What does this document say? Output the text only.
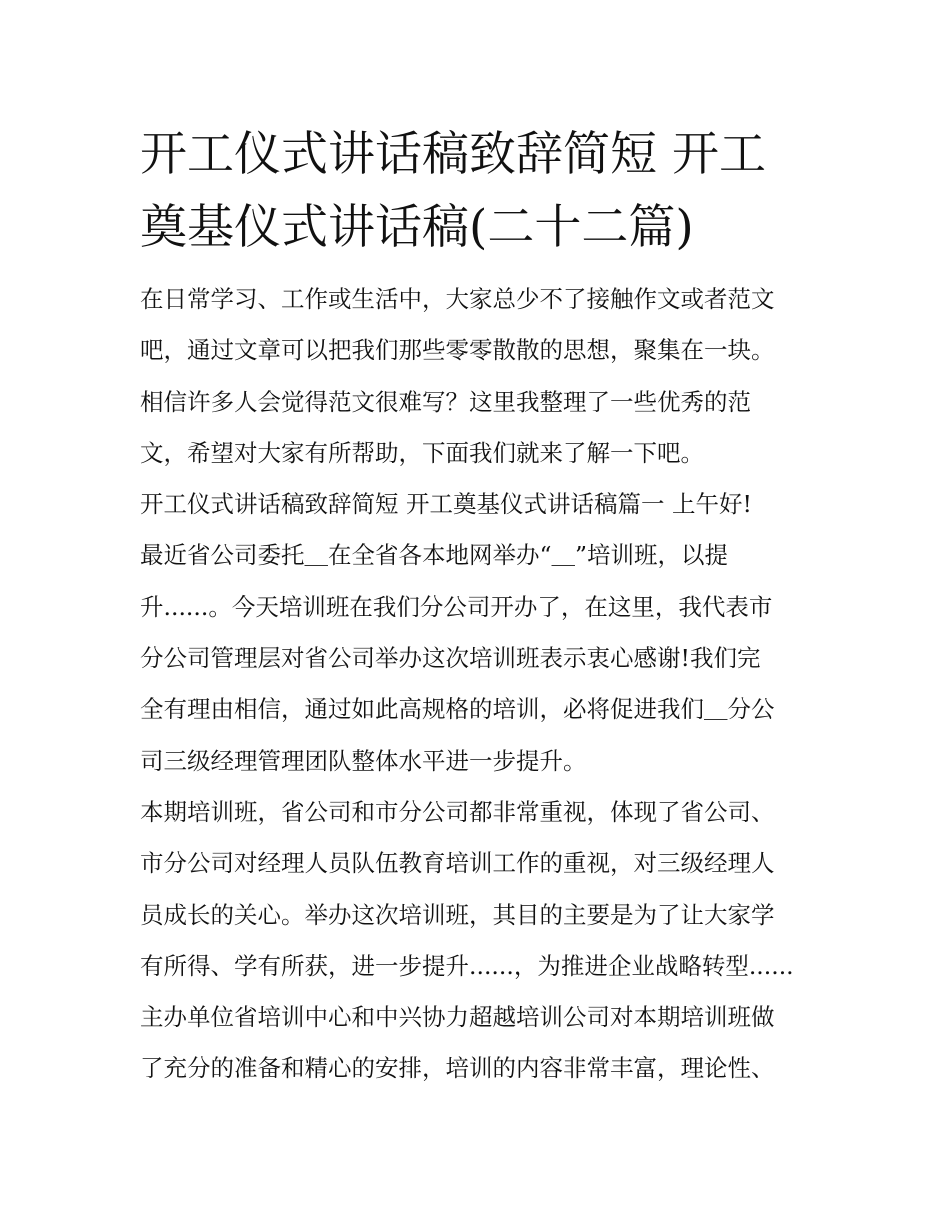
开工仪式讲话稿致辞简短 开工
奠基仪式讲话稿(二十二篇)
在日常学习、工作或生活中，大家总少不了接触作文或者范文
吧，通过文章可以把我们那些零零散散的思想，聚集在一块。
相信许多人会觉得范文很难写？这里我整理了一些优秀的范
文，希望对大家有所帮助，下面我们就来了解一下吧。
开工仪式讲话稿致辞简短 开工奠基仪式讲话稿篇一 上午好!
最近省公司委托＿在全省各本地网举办“＿”培训班，以提
升......。今天培训班在我们分公司开办了，在这里，我代表市
分公司管理层对省公司举办这次培训班表示衷心感谢!我们完
全有理由相信，通过如此高规格的培训，必将促进我们＿分公
司三级经理管理团队整体水平进一步提升。
本期培训班，省公司和市分公司都非常重视，体现了省公司、
市分公司对经理人员队伍教育培训工作的重视，对三级经理人
员成长的关心。举办这次培训班，其目的主要是为了让大家学
有所得、学有所获，进一步提升......，为推进企业战略转型......
主办单位省培训中心和中兴协力超越培训公司对本期培训班做
了充分的准备和精心的安排，培训的内容非常丰富，理论性、
